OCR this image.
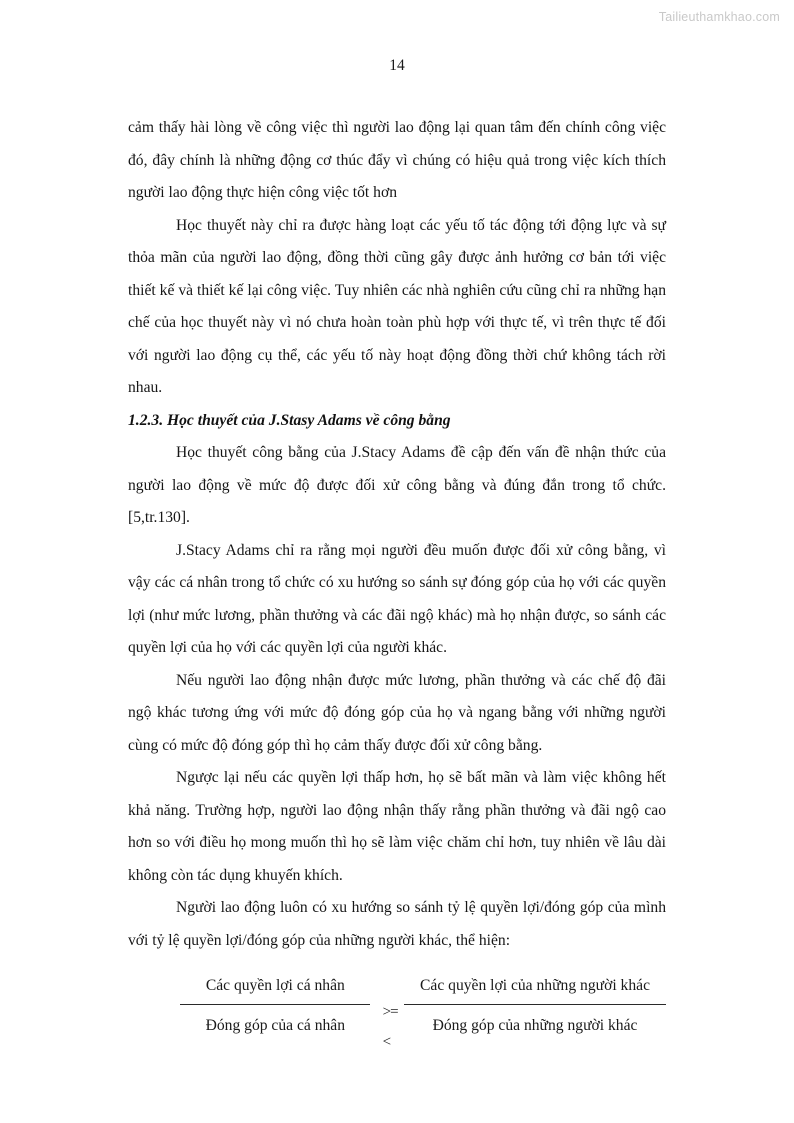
Tailieuthamkhao.com
14

cảm thấy hài lòng về công việc thì người lao động lại quan tâm đến chính công việc đó, đây chính là những động cơ thúc đẩy vì chúng có hiệu quả trong việc kích thích người lao động thực hiện công việc tốt hơn

Học thuyết này chỉ ra được hàng loạt các yếu tố tác động tới động lực và sự thỏa mãn của người lao động, đồng thời cũng gây được ảnh hưởng cơ bản tới việc thiết kế và thiết kế lại công việc. Tuy nhiên các nhà nghiên cứu cũng chỉ ra những hạn chế của học thuyết này vì nó chưa hoàn toàn phù hợp với thực tế, vì trên thực tế đối với người lao động cụ thể, các yếu tố này hoạt động đồng thời chứ không tách rời nhau.

1.2.3. Học thuyết của J.Stasy Adams về công bằng

Học thuyết công bằng của J.Stacy Adams đề cập đến vấn đề nhận thức của người lao động về mức độ được đối xử công bằng và đúng đắn trong tổ chức. [5,tr.130].

J.Stacy Adams chỉ ra rằng mọi người đều muốn được đối xử công bằng, vì vậy các cá nhân trong tổ chức có xu hướng so sánh sự đóng góp của họ với các quyền lợi (như mức lương, phần thưởng và các đãi ngộ khác) mà họ nhận được, so sánh các quyền lợi của họ với các quyền lợi của người khác.

Nếu người lao động nhận được mức lương, phần thưởng và các chế độ đãi ngộ khác tương ứng với mức độ đóng góp của họ và ngang bằng với những người cùng có mức độ đóng góp thì họ cảm thấy được đối xử công bằng.

Ngược lại nếu các quyền lợi thấp hơn, họ sẽ bất mãn và làm việc không hết khả năng. Trường hợp, người lao động nhận thấy rằng phần thưởng và đãi ngộ cao hơn so với điều họ mong muốn thì họ sẽ làm việc chăm chỉ hơn, tuy nhiên về lâu dài không còn tác dụng khuyến khích.

Người lao động luôn có xu hướng so sánh tỷ lệ quyền lợi/đóng góp của mình với tỷ lệ quyền lợi/đóng góp của những người khác, thể hiện:

$\frac{\text{Các quyền lợi cá nhân}}{\text{Đóng góp của cá nhân}}$ >=<
$\frac{\text{Các quyền lợi của những người khác}}{\text{Đóng góp của những người khác}}$
